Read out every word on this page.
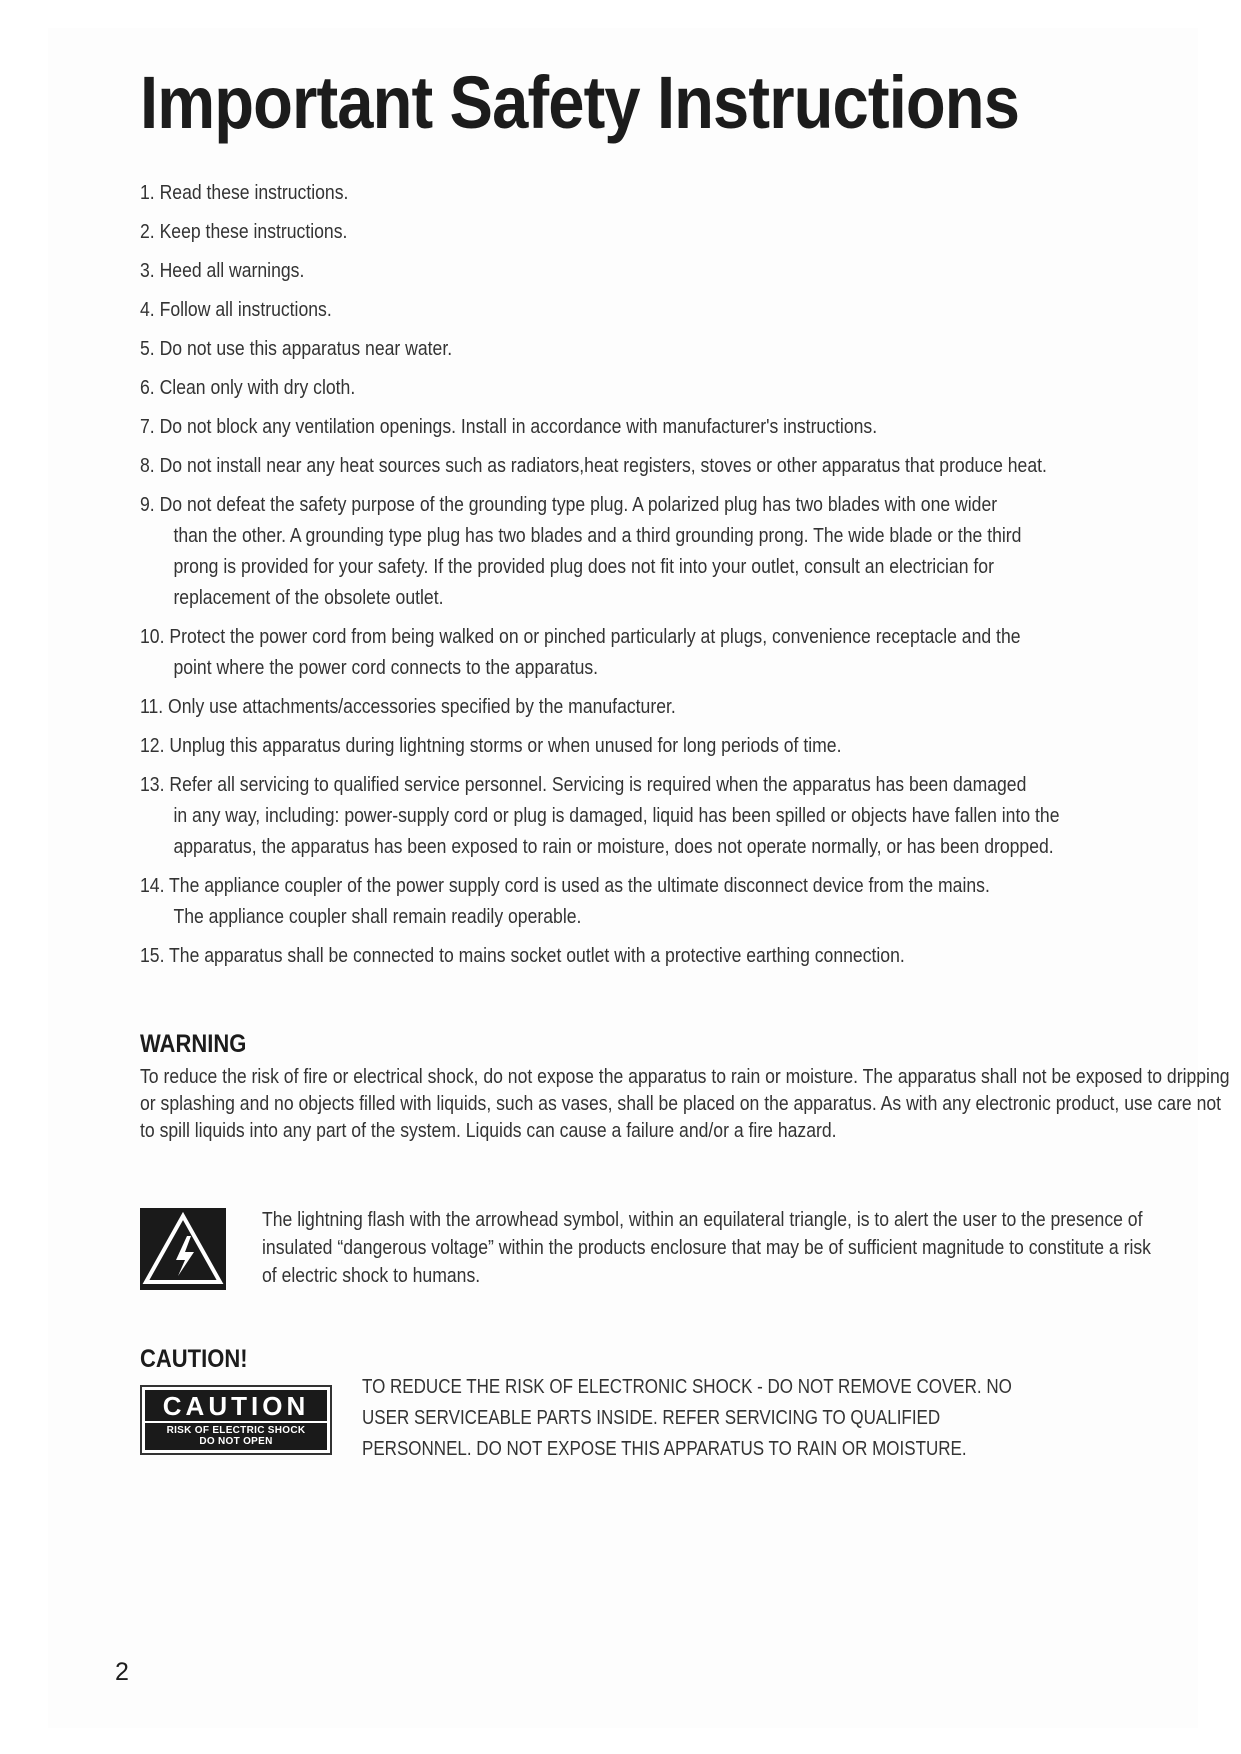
Important Safety Instructions
1. Read these instructions.
2. Keep these instructions.
3. Heed all warnings.
4. Follow all instructions.
5. Do not use this apparatus near water.
6. Clean only with dry cloth.
7. Do not block any ventilation openings. Install in accordance with manufacturer's instructions.
8. Do not install near any heat sources such as radiators,heat registers, stoves or other apparatus that produce heat.
9. Do not defeat the safety purpose of the grounding type plug. A polarized plug has two blades with one wider
than the other. A grounding type plug has two blades and a third grounding prong. The wide blade or the third
prong is provided for your safety. If the provided plug does not fit into your outlet, consult an electrician for
replacement of the obsolete outlet.
10. Protect the power cord from being walked on or pinched particularly at plugs, convenience receptacle and the
point where the power cord connects to the apparatus.
11. Only use attachments/accessories specified by the manufacturer.
12. Unplug this apparatus during lightning storms or when unused for long periods of time.
13. Refer all servicing to qualified service personnel. Servicing is required when the apparatus has been damaged
in any way, including: power-supply cord or plug is damaged, liquid has been spilled or objects have fallen into the
apparatus, the apparatus has been exposed to rain or moisture, does not operate normally, or has been dropped.
14. The appliance coupler of the power supply cord is used as the ultimate disconnect device from the mains.
The appliance coupler shall remain readily operable.
15. The apparatus shall be connected to mains socket outlet with a protective earthing connection.
WARNING

To reduce the risk of fire or electrical shock, do not expose the apparatus to rain or moisture. The apparatus shall not be exposed to dripping or splashing and no objects filled with liquids, such as vases, shall be placed on the apparatus. As with any electronic product, use care not to spill liquids into any part of the system. Liquids can cause a failure and/or a fire hazard.

The lightning flash with the arrowhead symbol, within an equilateral triangle, is to alert the user to the presence of insulated “dangerous voltage” within the products enclosure that may be of sufficient magnitude to constitute a risk of electric shock to humans.

CAUTION!
CAUTION
RISK OF ELECTRIC SHOCK
DO NOT OPEN

TO REDUCE THE RISK OF ELECTRONIC SHOCK - DO NOT REMOVE COVER. NO USER SERVICEABLE PARTS INSIDE. REFER SERVICING TO QUALIFIED PERSONNEL. DO NOT EXPOSE THIS APPARATUS TO RAIN OR MOISTURE.

2
